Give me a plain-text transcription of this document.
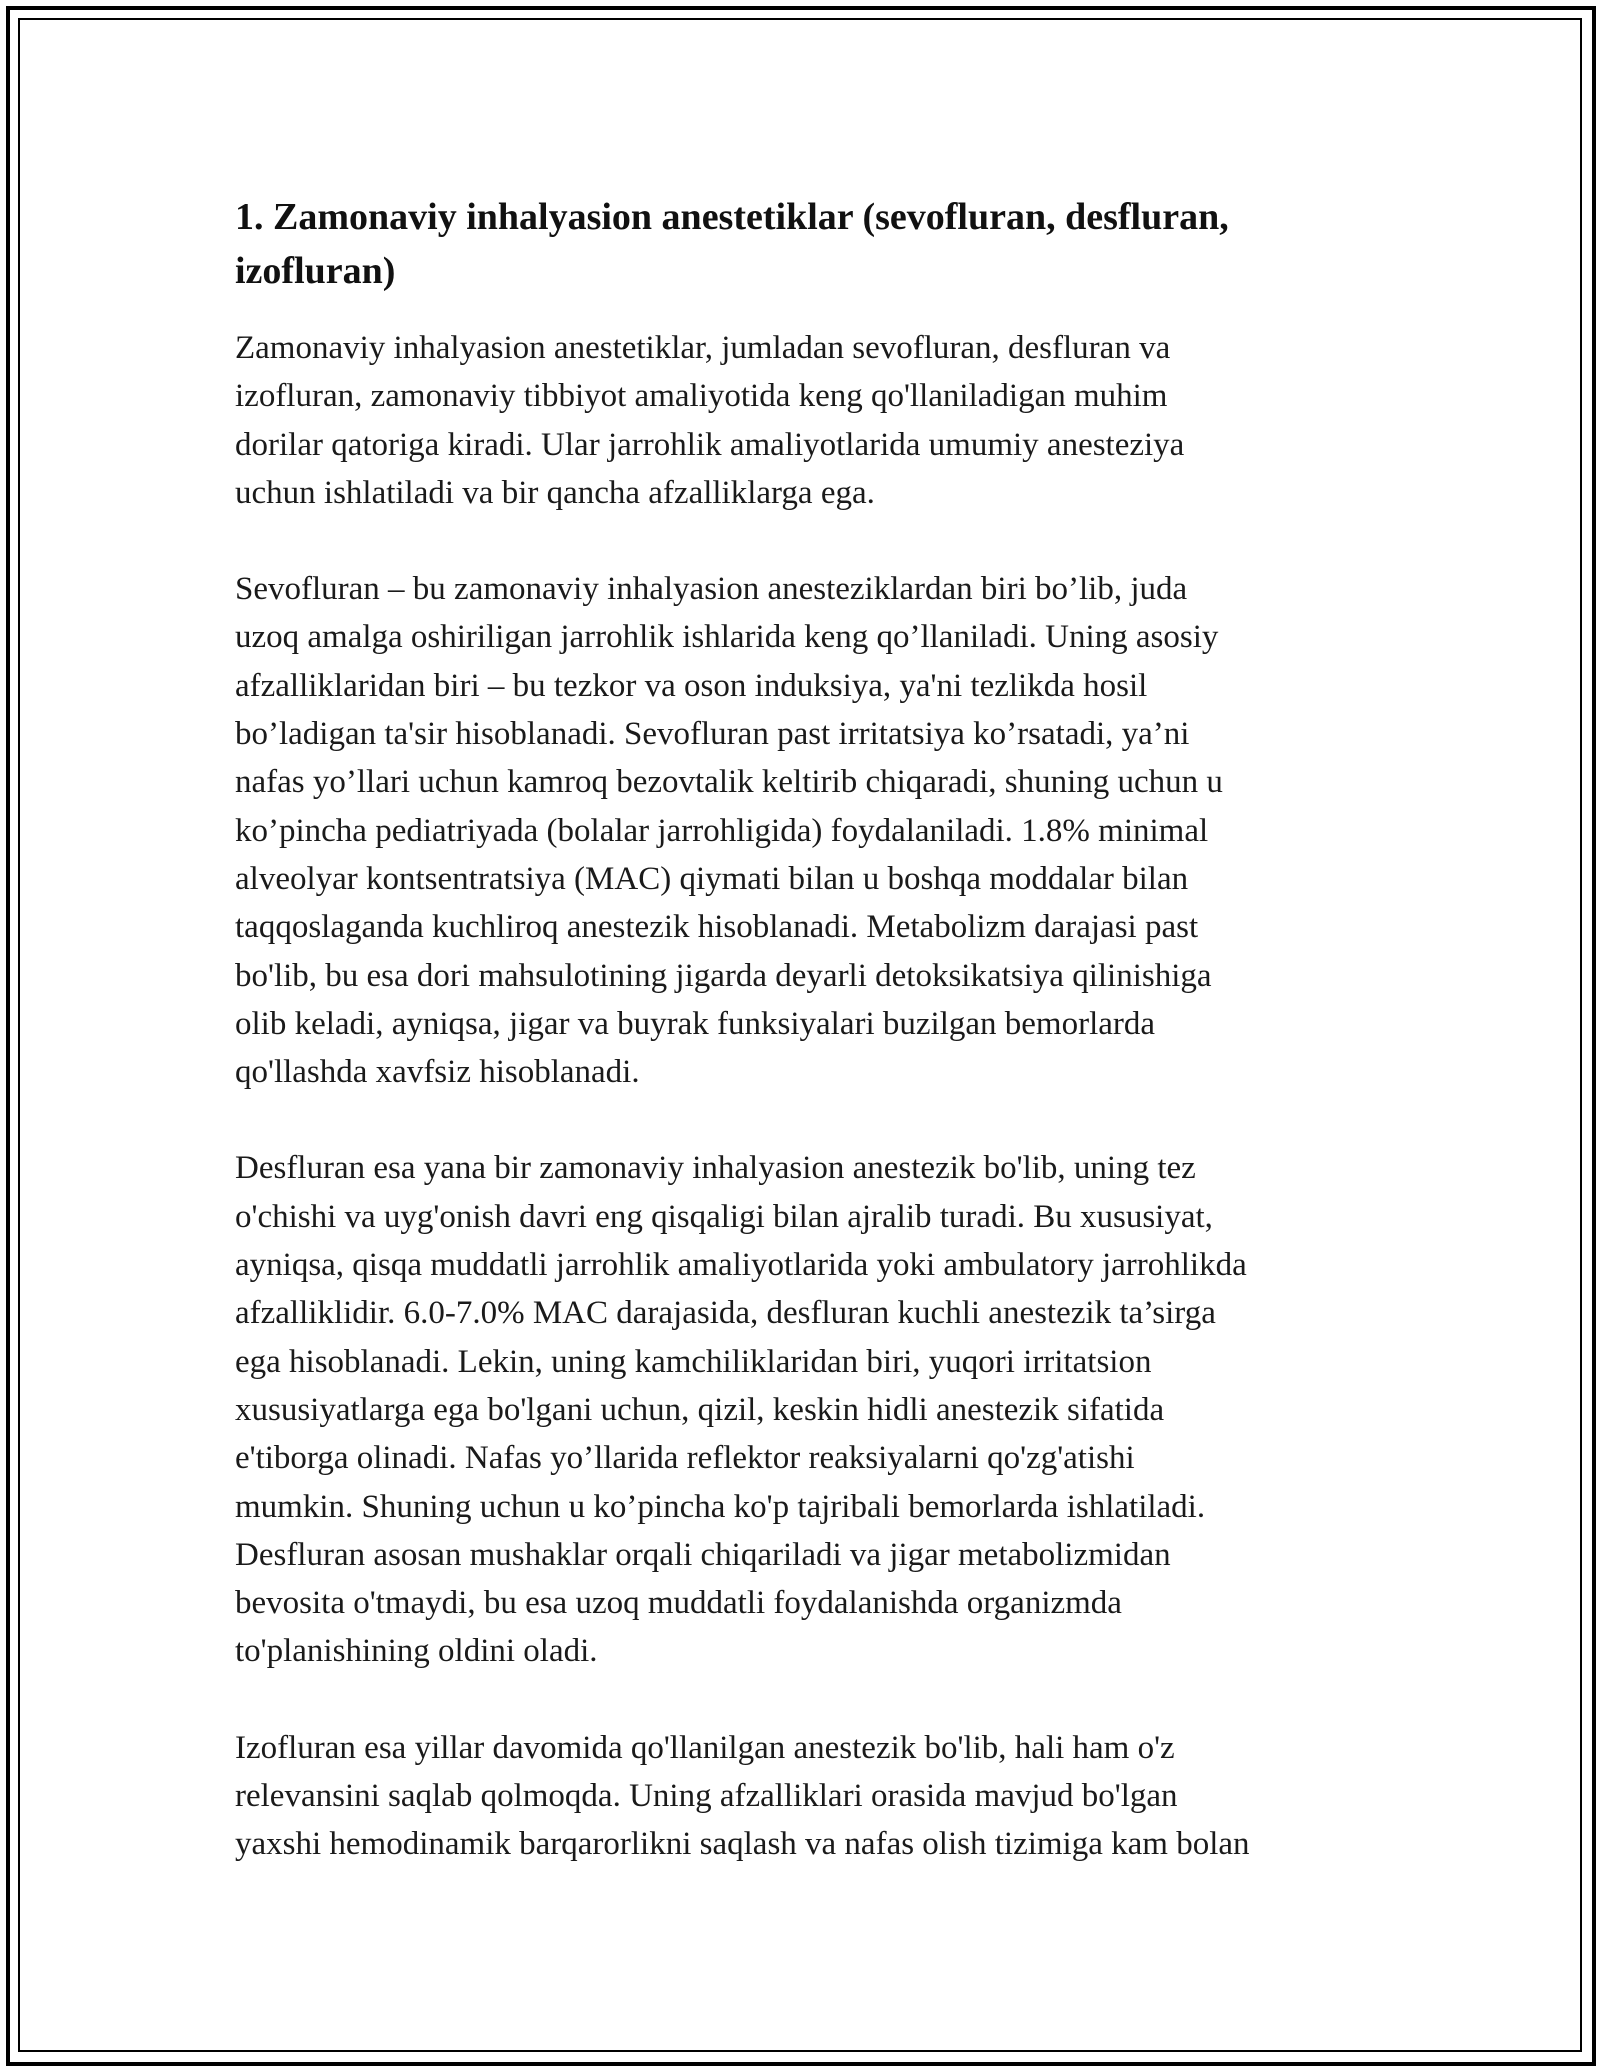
1. Zamonaviy inhalyasion anestetiklar (sevofluran, desfluran,
izofluran)

Zamonaviy inhalyasion anestetiklar, jumladan sevofluran, desfluran va
izofluran, zamonaviy tibbiyot amaliyotida keng qo'llaniladigan muhim
dorilar qatoriga kiradi. Ular jarrohlik amaliyotlarida umumiy anesteziya
uchun ishlatiladi va bir qancha afzalliklarga ega.

Sevofluran – bu zamonaviy inhalyasion anesteziklardan biri bo’lib, juda
uzoq amalga oshiriligan jarrohlik ishlarida keng qo’llaniladi. Uning asosiy
afzalliklaridan biri – bu tezkor va oson induksiya, ya'ni tezlikda hosil
bo’ladigan ta'sir hisoblanadi. Sevofluran past irritatsiya ko’rsatadi, ya’ni
nafas yo’llari uchun kamroq bezovtalik keltirib chiqaradi, shuning uchun u
ko’pincha pediatriyada (bolalar jarrohligida) foydalaniladi. 1.8% minimal
alveolyar kontsentratsiya (MAC) qiymati bilan u boshqa moddalar bilan
taqqoslaganda kuchliroq anestezik hisoblanadi. Metabolizm darajasi past
bo'lib, bu esa dori mahsulotining jigarda deyarli detoksikatsiya qilinishiga
olib keladi, ayniqsa, jigar va buyrak funksiyalari buzilgan bemorlarda
qo'llashda xavfsiz hisoblanadi.

Desfluran esa yana bir zamonaviy inhalyasion anestezik bo'lib, uning tez
o'chishi va uyg'onish davri eng qisqaligi bilan ajralib turadi. Bu xususiyat,
ayniqsa, qisqa muddatli jarrohlik amaliyotlarida yoki ambulatory jarrohlikda
afzalliklidir. 6.0-7.0% MAC darajasida, desfluran kuchli anestezik ta’sirga
ega hisoblanadi. Lekin, uning kamchiliklaridan biri, yuqori irritatsion
xususiyatlarga ega bo'lgani uchun, qizil, keskin hidli anestezik sifatida
e'tiborga olinadi. Nafas yo’llarida reflektor reaksiyalarni qo'zg'atishi
mumkin. Shuning uchun u ko’pincha ko'p tajribali bemorlarda ishlatiladi.
Desfluran asosan mushaklar orqali chiqariladi va jigar metabolizmidan
bevosita o'tmaydi, bu esa uzoq muddatli foydalanishda organizmda
to'planishining oldini oladi.

Izofluran esa yillar davomida qo'llanilgan anestezik bo'lib, hali ham o'z
relevansini saqlab qolmoqda. Uning afzalliklari orasida mavjud bo'lgan
yaxshi hemodinamik barqarorlikni saqlash va nafas olish tizimiga kam bolan
